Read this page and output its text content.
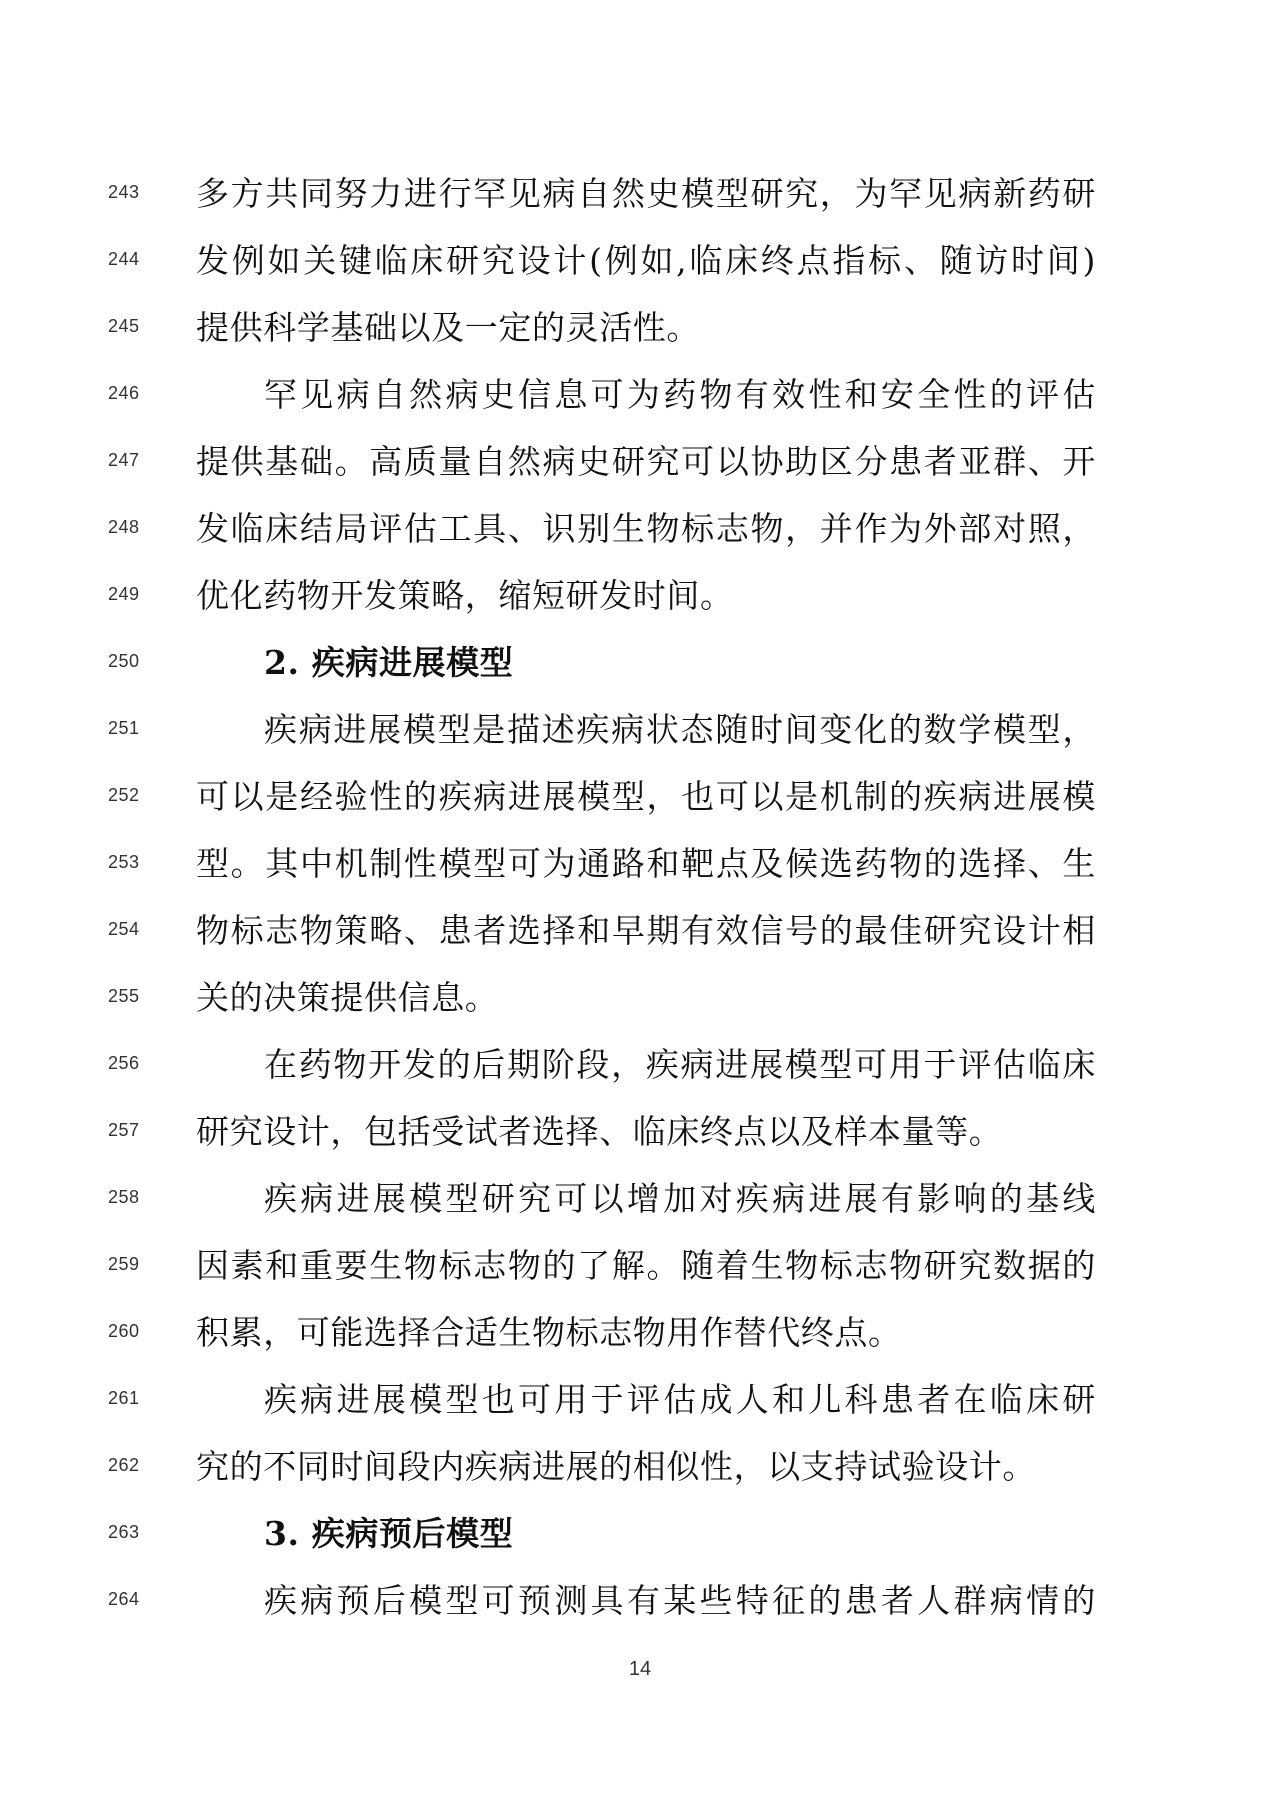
243	多方共同努力进行罕见病自然史模型研究，为罕见病新药研
244	发例如关键临床研究设计(例如,临床终点指标、随访时间)
245	提供科学基础以及一定的灵活性。
246	罕见病自然病史信息可为药物有效性和安全性的评估
247	提供基础。高质量自然病史研究可以协助区分患者亚群、开
248	发临床结局评估工具、识别生物标志物，并作为外部对照，
249	优化药物开发策略，缩短研发时间。
250	2. 疾病进展模型
251	疾病进展模型是描述疾病状态随时间变化的数学模型，
252	可以是经验性的疾病进展模型，也可以是机制的疾病进展模
253	型。其中机制性模型可为通路和靶点及候选药物的选择、生
254	物标志物策略、患者选择和早期有效信号的最佳研究设计相
255	关的决策提供信息。
256	在药物开发的后期阶段，疾病进展模型可用于评估临床
257	研究设计，包括受试者选择、临床终点以及样本量等。
258	疾病进展模型研究可以增加对疾病进展有影响的基线
259	因素和重要生物标志物的了解。随着生物标志物研究数据的
260	积累，可能选择合适生物标志物用作替代终点。
261	疾病进展模型也可用于评估成人和儿科患者在临床研
262	究的不同时间段内疾病进展的相似性，以支持试验设计。
263	3. 疾病预后模型
264	疾病预后模型可预测具有某些特征的患者人群病情的
14
